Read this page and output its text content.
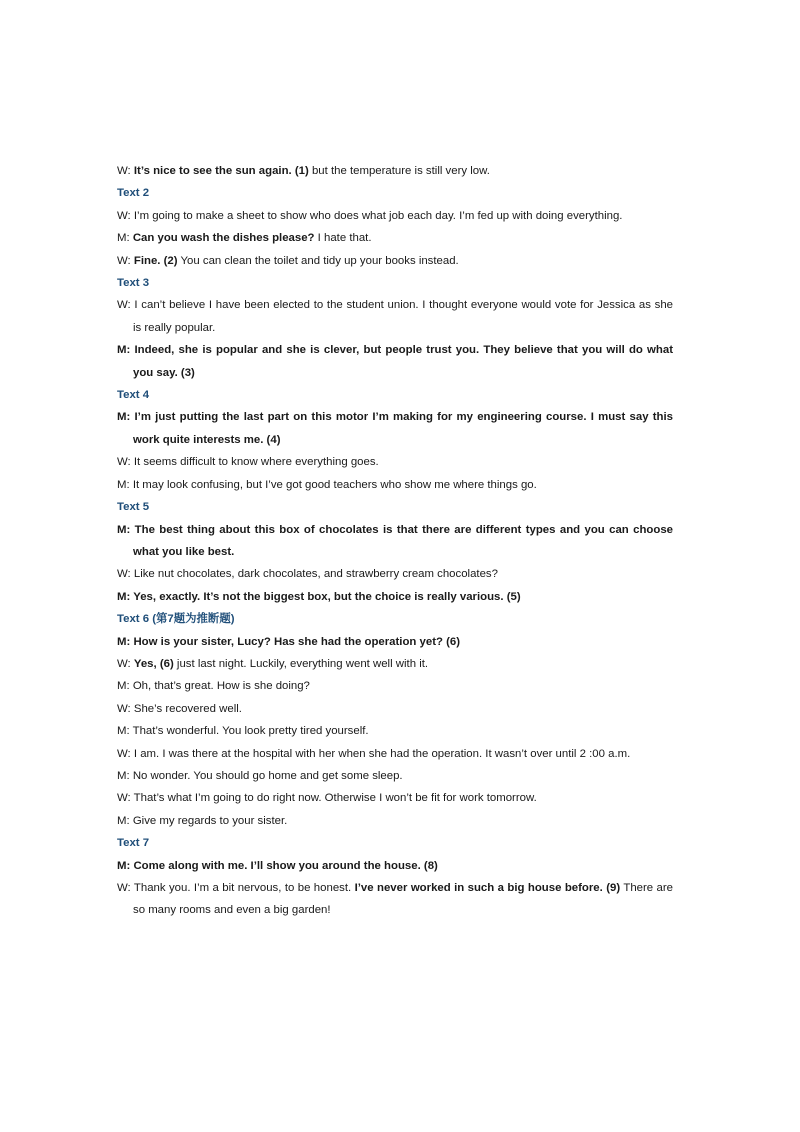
W: It’s nice to see the sun again. (1) but the temperature is still very low.
Text 2
W: I’m going to make a sheet to show who does what job each day. I’m fed up with doing everything.
M: Can you wash the dishes please? I hate that.
W: Fine. (2) You can clean the toilet and tidy up your books instead.
Text 3
W: I can’t believe I have been elected to the student union. I thought everyone would vote for Jessica as she is really popular.
M: Indeed, she is popular and she is clever, but people trust you. They believe that you will do what you say. (3)
Text 4
M: I’m just putting the last part on this motor I’m making for my engineering course. I must say this work quite interests me. (4)
W: It seems difficult to know where everything goes.
M: It may look confusing, but I’ve got good teachers who show me where things go.
Text 5
M: The best thing about this box of chocolates is that there are different types and you can choose what you like best.
W: Like nut chocolates, dark chocolates, and strawberry cream chocolates?
M: Yes, exactly. It’s not the biggest box, but the choice is really various. (5)
Text 6 (第7题为推断题)
M: How is your sister, Lucy? Has she had the operation yet? (6)
W: Yes, (6) just last night. Luckily, everything went well with it.
M: Oh, that’s great. How is she doing?
W: She’s recovered well.
M: That’s wonderful. You look pretty tired yourself.
W: I am. I was there at the hospital with her when she had the operation. It wasn’t over until 2 :00 a.m.
M: No wonder. You should go home and get some sleep.
W: That’s what I’m going to do right now. Otherwise I won’t be fit for work tomorrow.
M: Give my regards to your sister.
Text 7
M: Come along with me. I’ll show you around the house. (8)
W: Thank you. I’m a bit nervous, to be honest. I’ve never worked in such a big house before. (9) There are so many rooms and even a big garden!
